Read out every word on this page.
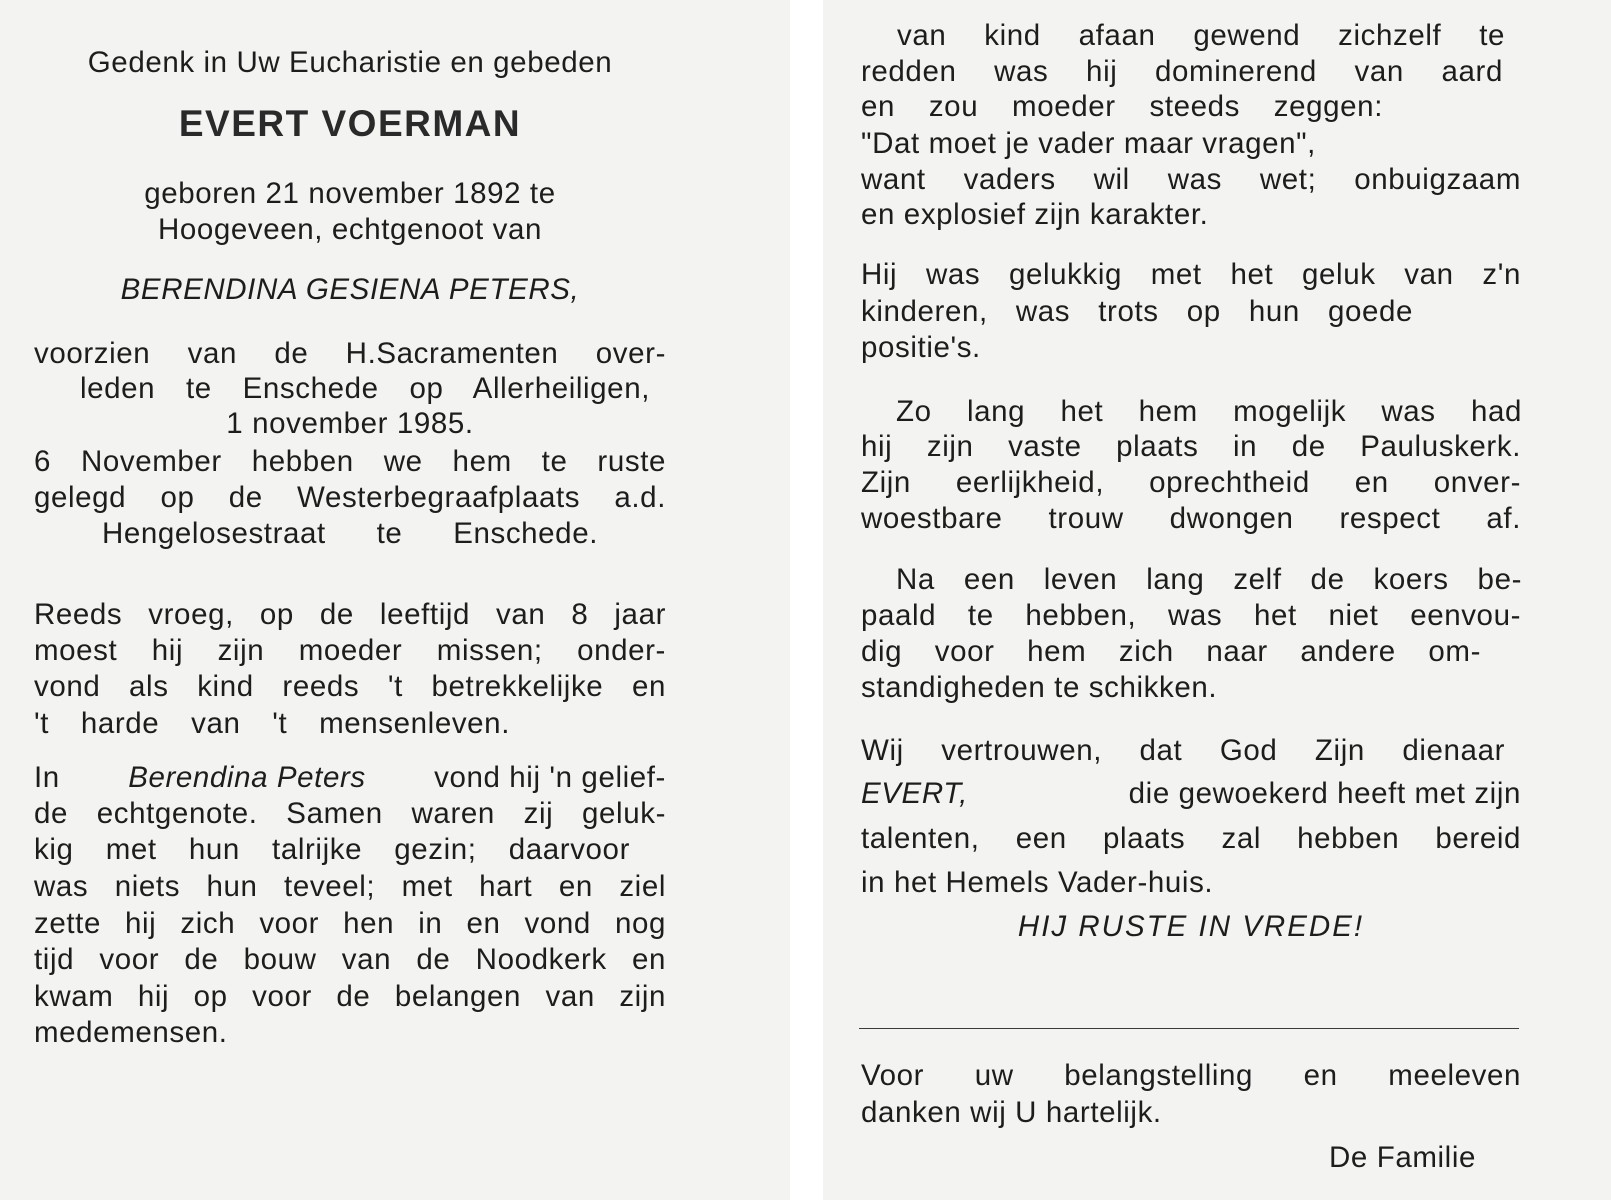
Gedenk in Uw Eucharistie en gebeden

EVERT VOERMAN

geboren 21 november 1892 te

Hoogeveen, echtgenoot van

BERENDINA GESIENA PETERS,

voorzien van de H.Sacramenten over-

leden te Enschede op Allerheiligen,

1 november 1985.

6 November hebben we hem te ruste

gelegd op de Westerbegraafplaats a.d.

Hengelosestraat te Enschede.

Reeds vroeg, op de leeftijd van 8 jaar

moest hij zijn moeder missen; onder-

vond als kind reeds 't betrekkelijke en

't harde van 't mensenleven.

In Berendina Peters vond hij 'n gelief-

de echtgenote. Samen waren zij geluk-

kig met hun talrijke gezin; daarvoor

was niets hun teveel; met hart en ziel

zette hij zich voor hen in en vond nog

tijd voor de bouw van de Noodkerk en

kwam hij op voor de belangen van zijn

medemensen.

van kind afaan gewend zichzelf te

redden was hij dominerend van aard

en zou moeder steeds zeggen:

"Dat moet je vader maar vragen",

want vaders wil was wet; onbuigzaam

en explosief zijn karakter.

Hij was gelukkig met het geluk van z'n

kinderen, was trots op hun goede

positie's.

Zo lang het hem mogelijk was had

hij zijn vaste plaats in de Pauluskerk.

Zijn eerlijkheid, oprechtheid en onver-

woestbare trouw dwongen respect af.

Na een leven lang zelf de koers be-

paald te hebben, was het niet eenvou-

dig voor hem zich naar andere om-

standigheden te schikken.

Wij vertrouwen, dat God Zijn dienaar

EVERT,	die gewoekerd heeft met zijn

talenten, een plaats zal hebben bereid

in het Hemels Vader-huis.

HIJ RUSTE IN VREDE!

Voor uw belangstelling en meeleven

danken wij U hartelijk.

De Familie
